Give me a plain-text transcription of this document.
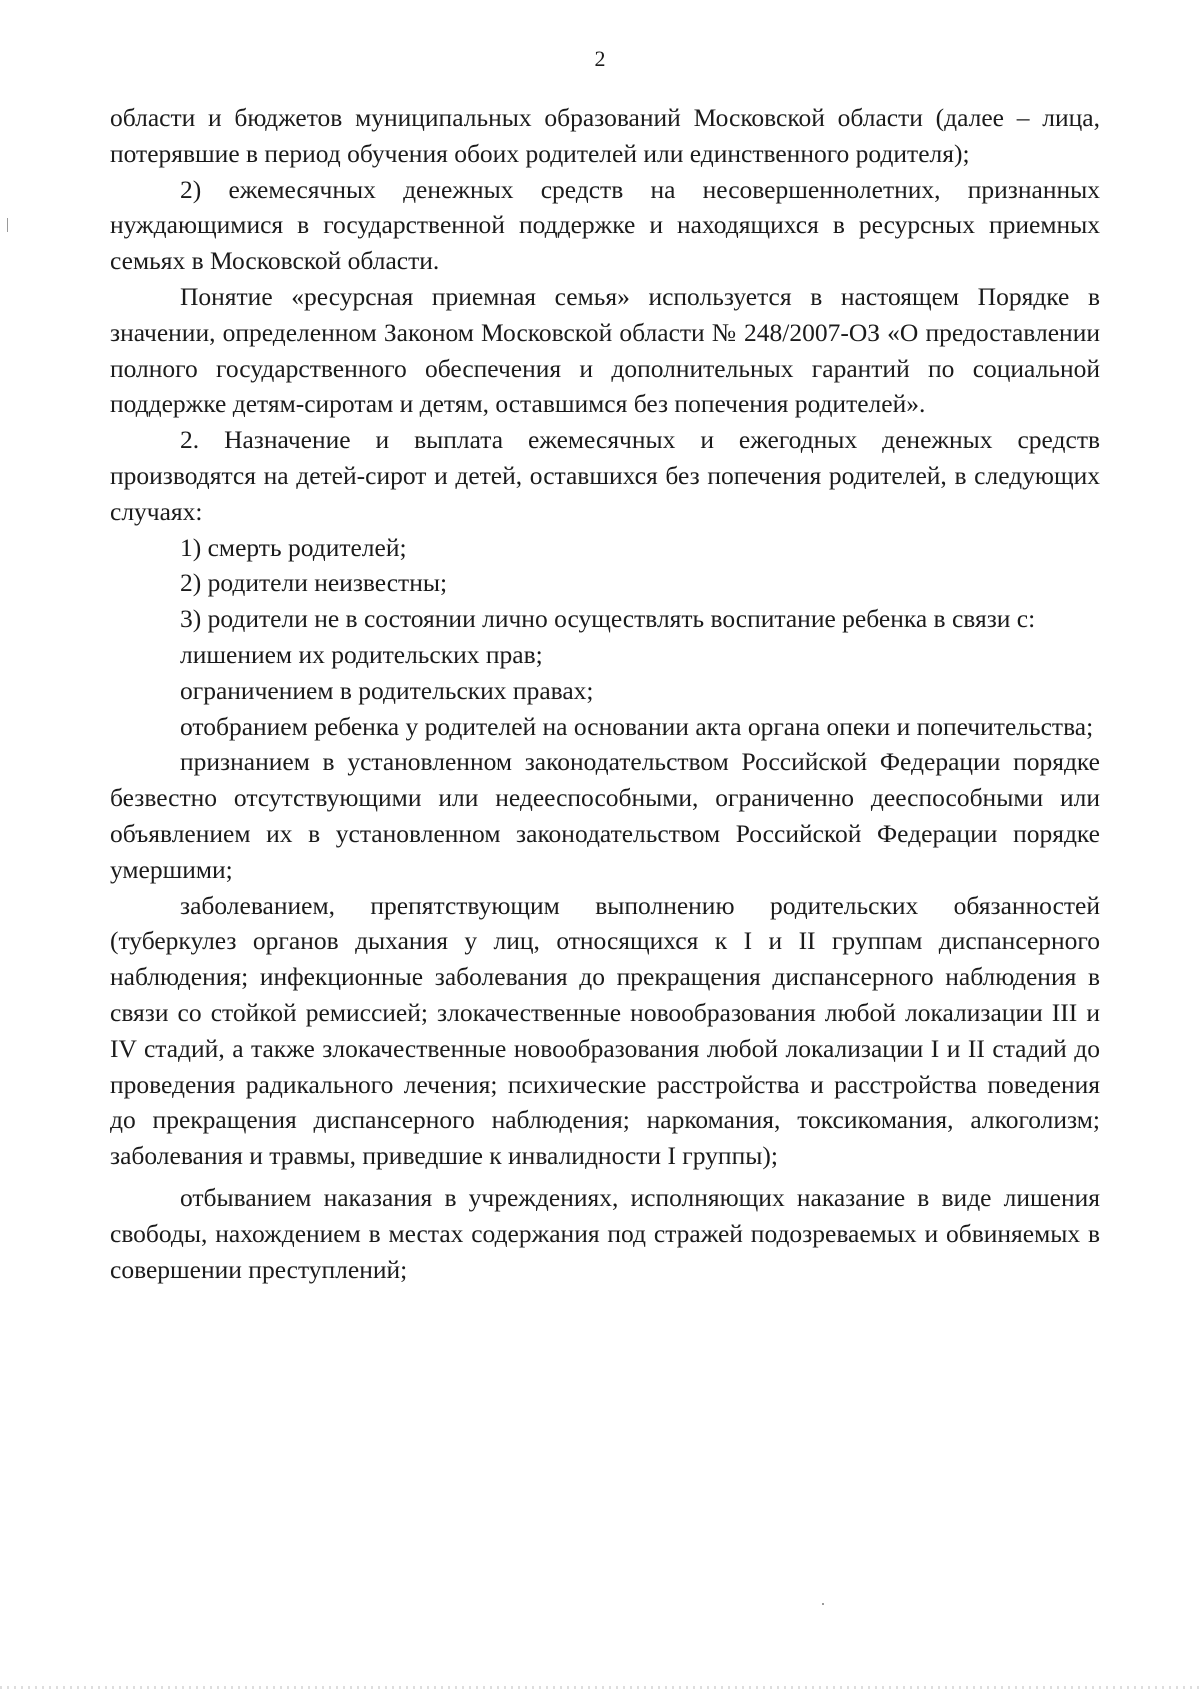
2

области и бюджетов муниципальных образований Московской области (далее – лица, потерявшие в период обучения обоих родителей или единственного родителя);

2) ежемесячных денежных средств на несовершеннолетних, признанных нуждающимися в государственной поддержке и находящихся в ресурсных приемных семьях в Московской области.

Понятие «ресурсная приемная семья» используется в настоящем Порядке в значении, определенном Законом Московской области № 248/2007-ОЗ «О предоставлении полного государственного обеспечения и дополнительных гарантий по социальной поддержке детям-сиротам и детям, оставшимся без попечения родителей».

2. Назначение и выплата ежемесячных и ежегодных денежных средств производятся на детей-сирот и детей, оставшихся без попечения родителей, в следующих случаях:

1) смерть родителей;

2) родители неизвестны;

3) родители не в состоянии лично осуществлять воспитание ребенка в связи с:

лишением их родительских прав;

ограничением в родительских правах;

отобранием ребенка у родителей на основании акта органа опеки и попечительства;

признанием в установленном законодательством Российской Федерации порядке безвестно отсутствующими или недееспособными, ограниченно дееспособными или объявлением их в установленном законодательством Российской Федерации порядке умершими;

заболеванием, препятствующим выполнению родительских обязанностей (туберкулез органов дыхания у лиц, относящихся к I и II группам диспансерного наблюдения; инфекционные заболевания до прекращения диспансерного наблюдения в связи со стойкой ремиссией; злокачественные новообразования любой локализации III и IV стадий, а также злокачественные новообразования любой локализации I и II стадий до проведения радикального лечения; психические расстройства и расстройства поведения до прекращения диспансерного наблюдения; наркомания, токсикомания, алкоголизм; заболевания и травмы, приведшие к инвалидности I группы);

отбыванием наказания в учреждениях, исполняющих наказание в виде лишения свободы, нахождением в местах содержания под стражей подозреваемых и обвиняемых в совершении преступлений;
